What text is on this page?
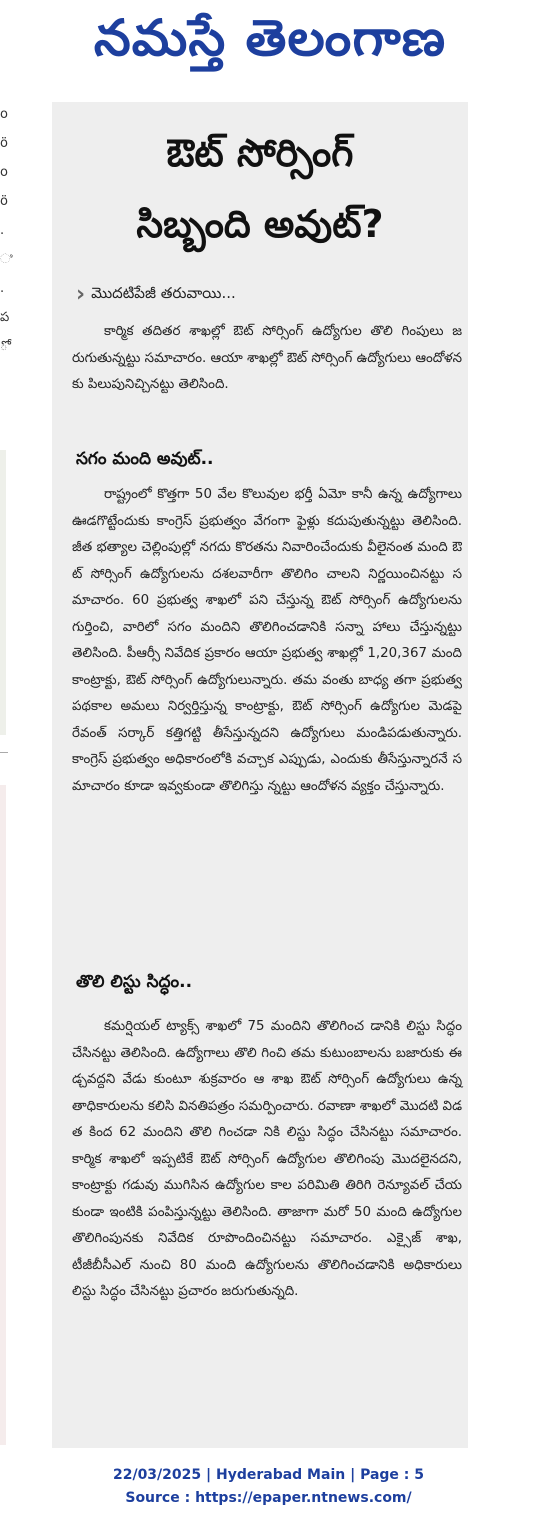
నమస్తే తెలంగాణ
o
ö
o
ö
.
ಿ
.
ప
ో
ఔట్ సోర్సింగ్
సిబ్బంది అవుట్?
› మొదటిపేజీ తరువాయి...

కార్మిక తదితర శాఖల్లో ఔట్ సోర్సింగ్ ఉద్యోగుల తొలి గింపులు జరుగుతున్నట్టు సమాచారం. ఆయా శాఖల్లో ఔట్ సోర్సింగ్ ఉద్యోగులు ఆందోళనకు పిలుపునిచ్చినట్టు తెలిసింది.

సగం మంది అవుట్..

రాష్ట్రంలో కొత్తగా 50 వేల కొలువుల భర్తీ ఏమో కానీ ఉన్న ఉద్యోగాలు ఊడగొట్టేందుకు కాంగ్రెస్ ప్రభుత్వం వేగంగా ఫైళ్లు కదుపుతున్నట్టు తెలిసింది. జీత భత్యాల చెల్లింపుల్లో నగదు కొరతను నివారించేందుకు వీలైనంత మంది ఔట్ సోర్సింగ్ ఉద్యోగులను దశలవారీగా తొలిగిం చాలని నిర్ణయించినట్టు సమాచారం. 60 ప్రభుత్వ శాఖలో పని చేస్తున్న ఔట్ సోర్సింగ్ ఉద్యోగులను గుర్తించి, వారిలో సగం మందిని తొలిగించడానికి సన్నా హాలు చేస్తున్నట్టు తెలిసింది. పీఆర్సీ నివేదిక ప్రకారం ఆయా ప్రభుత్వ శాఖల్లో 1,20,367 మంది కాంట్రాక్టు, ఔట్ సోర్సింగ్ ఉద్యోగులున్నారు. తమ వంతు బాధ్య తగా ప్రభుత్వ పథకాల అమలు నిర్వర్తిస్తున్న కాంట్రాక్టు, ఔట్ సోర్సింగ్ ఉద్యోగుల మెడపై రేవంత్ సర్కార్ కత్తిగట్టి తీసేస్తున్నదని ఉద్యోగులు మండిపడుతున్నారు. కాంగ్రెస్ ప్రభుత్వం అధికారంలోకి వచ్చాక ఎప్పుడు, ఎందుకు తీసేస్తున్నారనే సమాచారం కూడా ఇవ్వకుండా తొలిగిస్తు న్నట్టు ఆందోళన వ్యక్తం చేస్తున్నారు.

తొలి లిస్టు సిద్ధం..

కమర్షియల్ ట్యాక్స్ శాఖలో 75 మందిని తొలిగించ డానికి లిస్టు సిద్ధం చేసినట్టు తెలిసింది. ఉద్యోగాలు తొలి గించి తమ కుటుంబాలను బజారుకు ఈడ్చవద్దని వేడు కుంటూ శుక్రవారం ఆ శాఖ ఔట్ సోర్సింగ్ ఉద్యోగులు ఉన్నతాధికారులను కలిసి వినతిపత్రం సమర్పించారు. రవాణా శాఖలో మొదటి విడత కింద 62 మందిని తొలి గించడా నికి లిస్టు సిద్ధం చేసినట్టు సమాచారం. కార్మిక శాఖలో ఇప్పటికే ఔట్ సోర్సింగ్ ఉద్యోగుల తొలిగింపు మొదలైనదని, కాంట్రాక్టు గడువు ముగిసిన ఉద్యోగుల కాల పరిమితి తిరిగి రెన్యూవల్ చేయకుండా ఇంటికి పంపిస్తున్నట్టు తెలిసింది. తాజాగా మరో 50 మంది ఉద్యోగుల తొలిగింపునకు నివేదిక రూపొందించినట్టు సమాచారం. ఎక్సైజ్ శాఖ, టీజీబీసీఎల్ నుంచి 80 మంది ఉద్యోగులను తొలిగించడానికి అధికారులు లిస్టు సిద్ధం చేసినట్టు ప్రచారం జరుగుతున్నది.

22/03/2025 | Hyderabad Main | Page : 5
Source : https://epaper.ntnews.com/
